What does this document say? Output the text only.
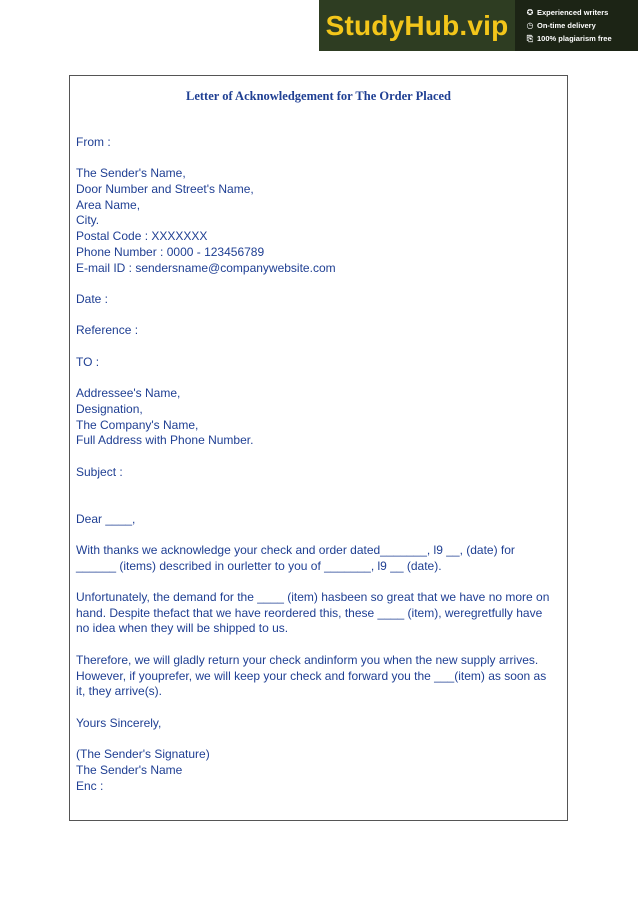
StudyHub.vip ✪ Experienced writers
◷ On-time delivery
⎘ 100% plagiarism free
Letter of Acknowledgement for The Order Placed
From :
The Sender's Name,
Door Number and Street's Name,
Area Name,
City.
Postal Code : XXXXXXX
Phone Number : 0000 - 123456789
E-mail ID : sendersname@companywebsite.com
Date :
Reference :
TO :
Addressee's Name,
Designation,
The Company's Name,
Full Address with Phone Number.
Subject :
Dear ____,
With thanks we acknowledge your check and order dated_______, l9 __, (date) for ______ (items) described in ourletter to you of _______, l9 __ (date).
Unfortunately, the demand for the ____ (item) hasbeen so great that we have no more on hand. Despite thefact that we have reordered this, these ____ (item), weregretfully have no idea when they will be shipped to us.
Therefore, we will gladly return your check andinform you when the new supply arrives. However, if youprefer, we will keep your check and forward you the ___(item) as soon as it, they arrive(s).
Yours Sincerely,
(The Sender's Signature)
The Sender's Name
Enc :
